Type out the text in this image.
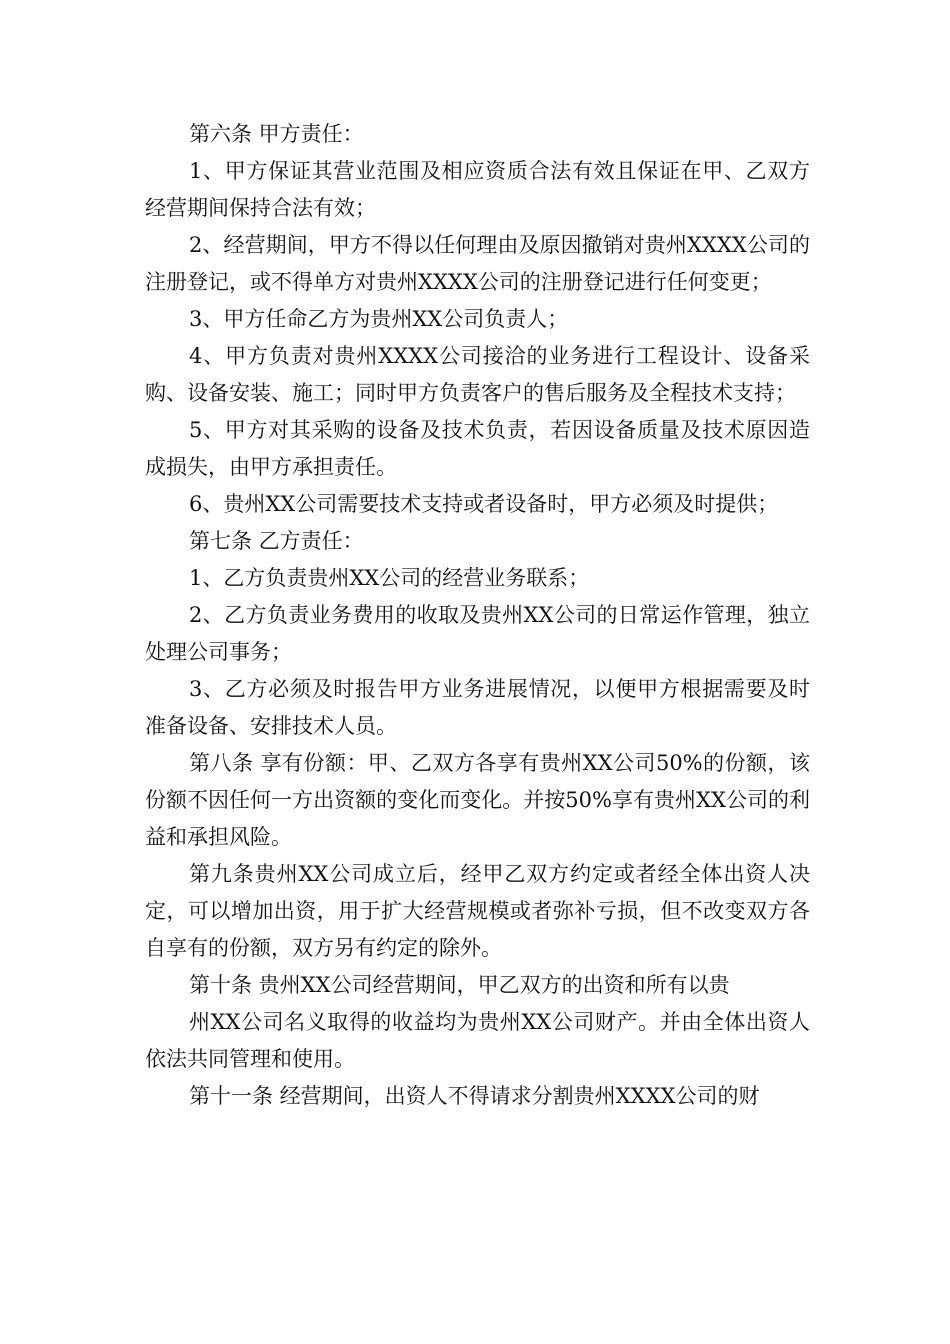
第六条 甲方责任：

1、甲方保证其营业范围及相应资质合法有效且保证在甲、乙双方经营期间保持合法有效；

2、经营期间，甲方不得以任何理由及原因撤销对贵州XXXX公司的注册登记，或不得单方对贵州XXXX公司的注册登记进行任何变更；

3、甲方任命乙方为贵州XX公司负责人；

4、甲方负责对贵州XXXX公司接洽的业务进行工程设计、设备采购、设备安装、施工；同时甲方负责客户的售后服务及全程技术支持；

5、甲方对其采购的设备及技术负责，若因设备质量及技术原因造成损失，由甲方承担责任。

6、贵州XX公司需要技术支持或者设备时，甲方必须及时提供；

第七条 乙方责任：

1、乙方负责贵州XX公司的经营业务联系；

2、乙方负责业务费用的收取及贵州XX公司的日常运作管理，独立处理公司事务；

3、乙方必须及时报告甲方业务进展情况，以便甲方根据需要及时准备设备、安排技术人员。

第八条 享有份额：甲、乙双方各享有贵州XX公司50%的份额，该份额不因任何一方出资额的变化而变化。并按50%享有贵州XX公司的利益和承担风险。

第九条贵州XX公司成立后，经甲乙双方约定或者经全体出资人决定，可以增加出资，用于扩大经营规模或者弥补亏损，但不改变双方各自享有的份额，双方另有约定的除外。

第十条 贵州XX公司经营期间，甲乙双方的出资和所有以贵

州XX公司名义取得的收益均为贵州XX公司财产。并由全体出资人依法共同管理和使用。

第十一条 经营期间，出资人不得请求分割贵州XXXX公司的财
